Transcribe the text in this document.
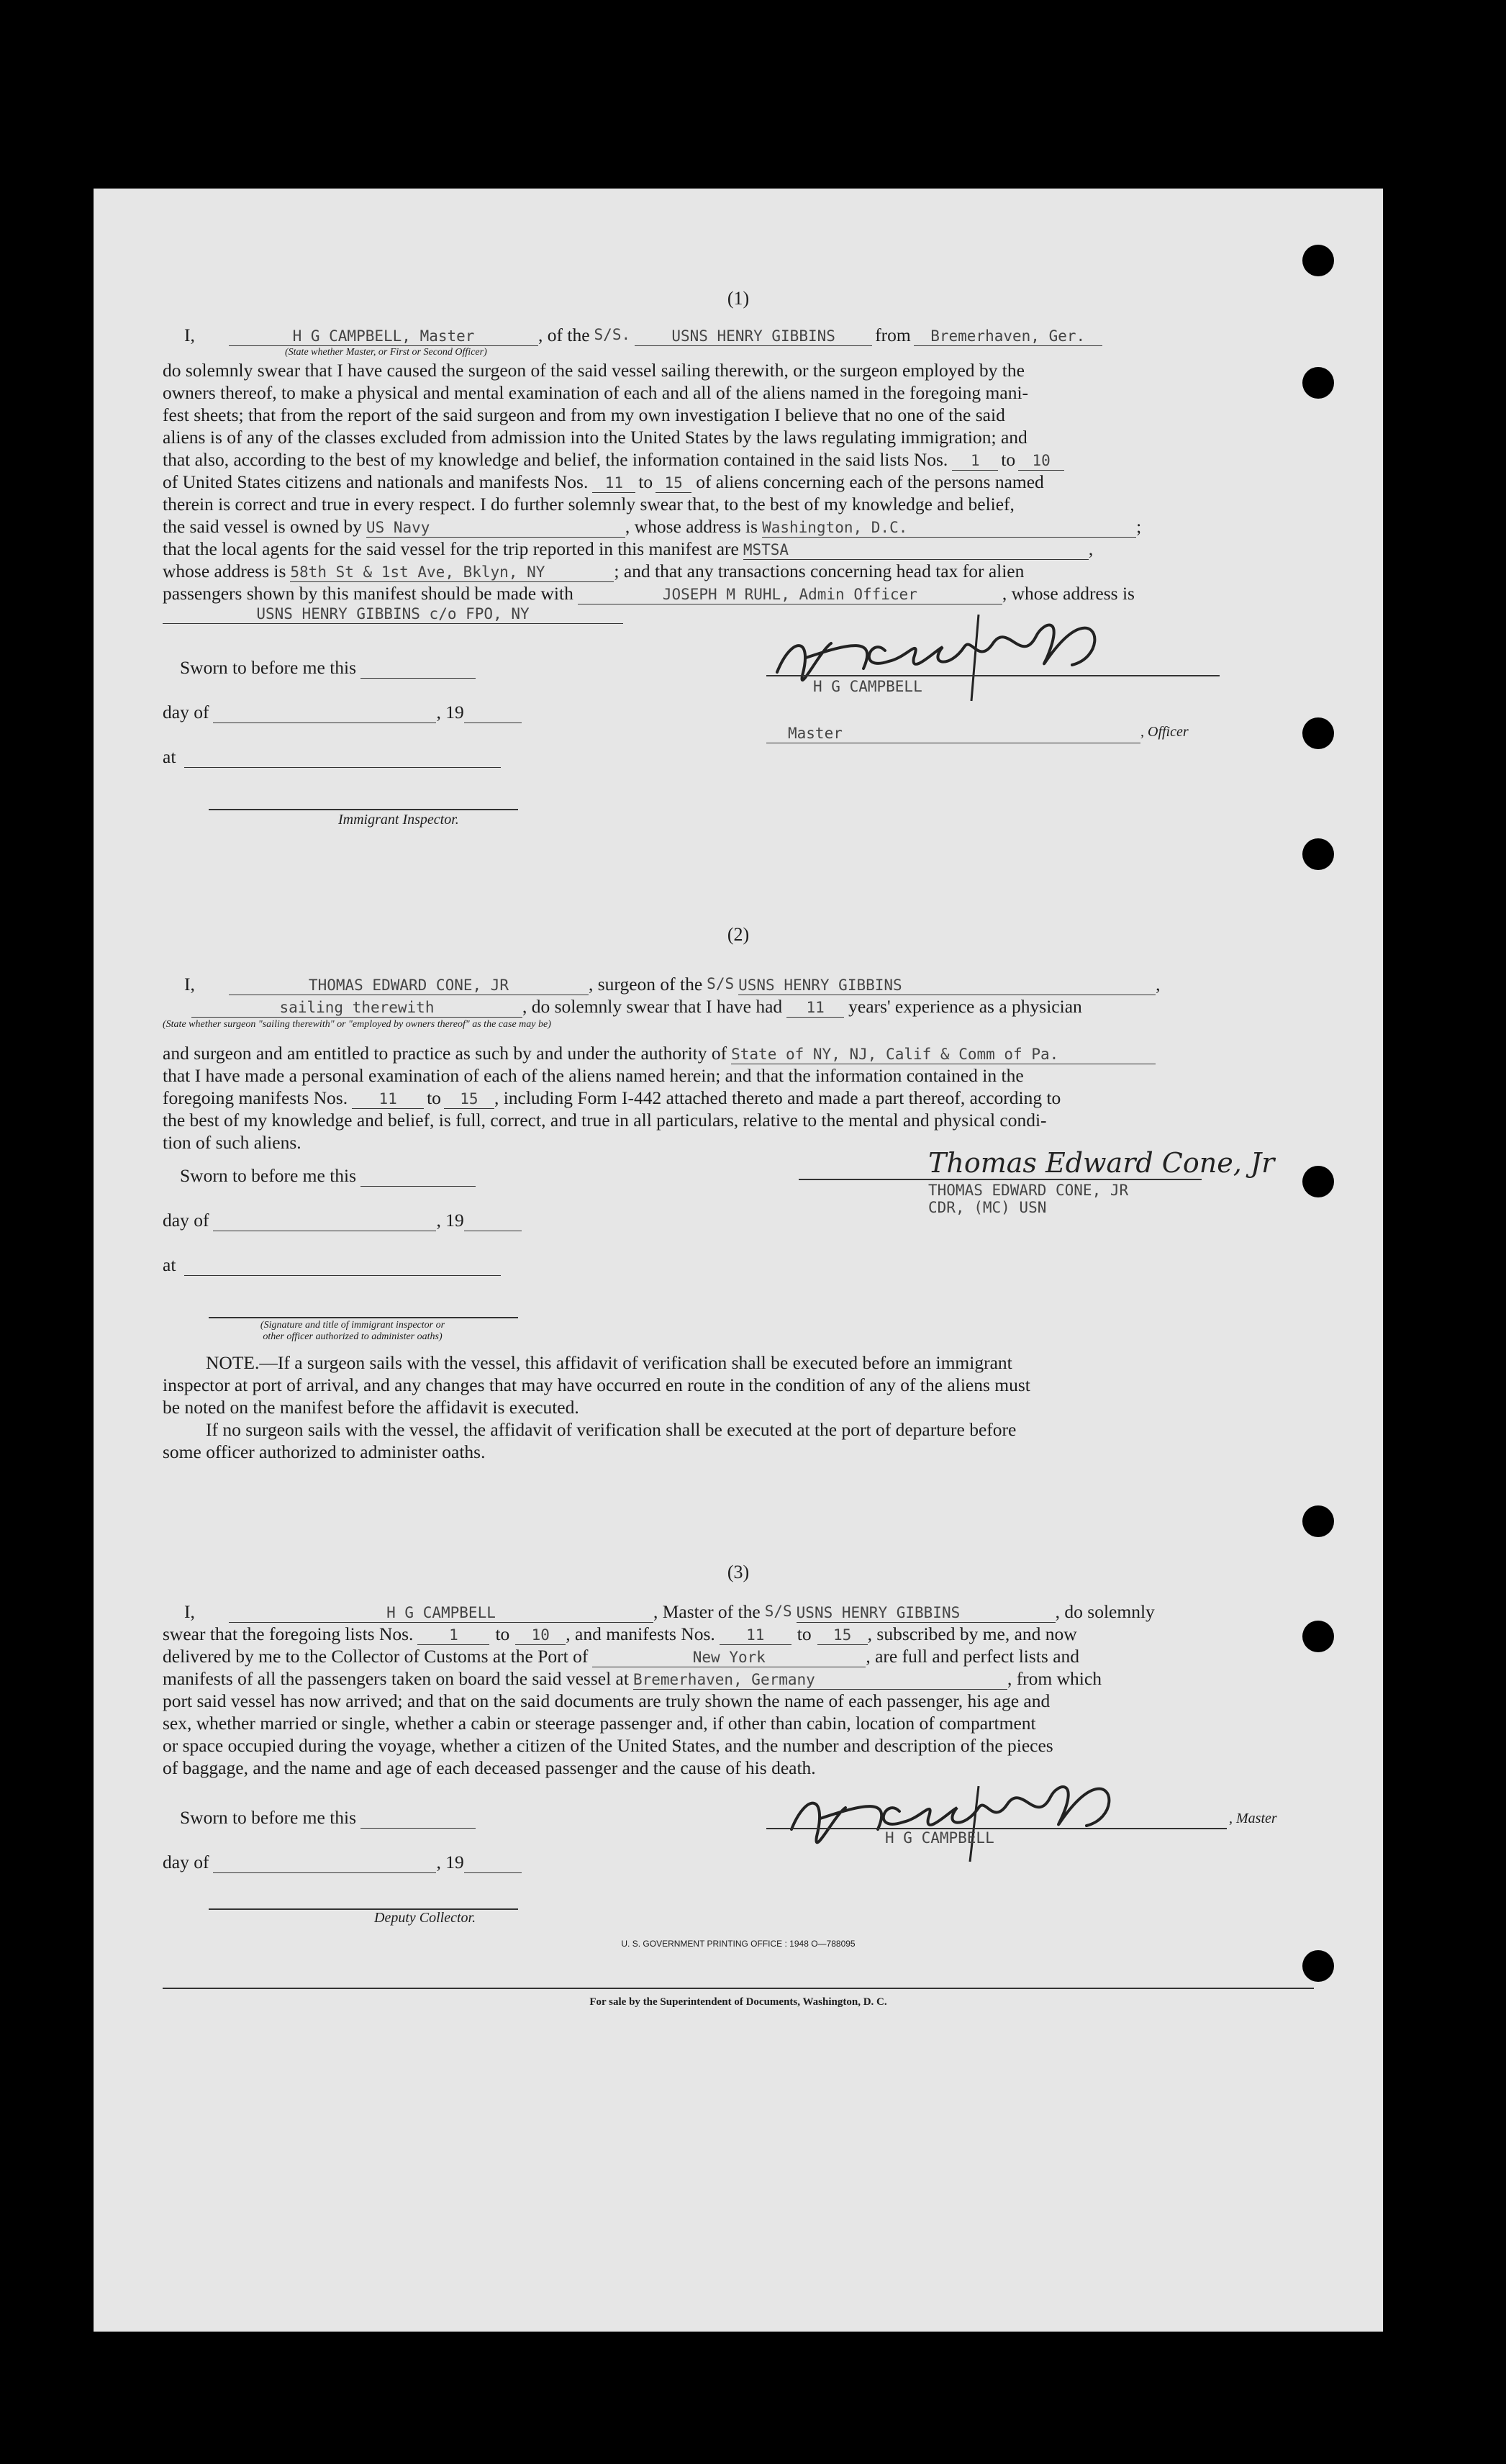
(1)
I,	H G CAMPBELL, Master	, of the S/S.	USNS HENRY GIBBINS	from	Bremerhaven, Ger.
(State whether Master, or First or Second Officer)
do solemnly swear that I have caused the surgeon of the said vessel sailing therewith, or the surgeon employed by the
owners thereof, to make a physical and mental examination of each and all of the aliens named in the foregoing mani-
fest sheets; that from the report of the said surgeon and from my own investigation I believe that no one of the said
aliens is of any of the classes excluded from admission into the United States by the laws regulating immigration; and
that also, according to the best of my knowledge and belief, the information contained in the said lists Nos.	1	to	10
of United States citizens and nationals and manifests Nos.	11 to 15 of aliens concerning each of the persons named
therein is correct and true in every respect. I do further solemnly swear that, to the best of my knowledge and belief,
the said vessel is owned by US Navy	, whose address is Washington, D.C.	;
that the local agents for the said vessel for the trip reported in this manifest are MSTSA	,
whose address is 58th St & 1st Ave, Bklyn, NY	; and that any transactions concerning head tax for alien
passengers shown by this manifest should be made with	JOSEPH M RUHL, Admin Officer	, whose address is
USNS HENRY GIBBINS c/o FPO, NY
Sworn to before me this
day of	, 19
at
Immigrant Inspector.
H G CAMPBELL
Master	, Officer
(2)
I,	THOMAS EDWARD CONE, JR	, surgeon of the S/S USNS HENRY GIBBINS	,
sailing therewith	, do solemnly swear that I have had	11	years' experience as a physician
(State whether surgeon "sailing therewith" or "employed by owners thereof" as the case may be)
and surgeon and am entitled to practice as such by and under the authority of State of NY, NJ, Calif & Comm of Pa.
that I have made a personal examination of each of the aliens named herein; and that the information contained in the
foregoing manifests Nos.	11	to	15 , including Form I-442 attached thereto and made a part thereof, according to
the best of my knowledge and belief, is full, correct, and true in all particulars, relative to the mental and physical condi-
tion of such aliens.
Sworn to before me this
day of	, 19
at
(Signature and title of immigrant inspector or
other officer authorized to administer oaths)
Thomas Edward Cone, Jr
THOMAS EDWARD CONE, JR
CDR, (MC) USN
NOTE.—If a surgeon sails with the vessel, this affidavit of verification shall be executed before an immigrant
inspector at port of arrival, and any changes that may have occurred en route in the condition of any of the aliens must
be noted on the manifest before the affidavit is executed.
If no surgeon sails with the vessel, the affidavit of verification shall be executed at the port of departure before
some officer authorized to administer oaths.
(3)
I,	H G CAMPBELL	, Master of the S/S USNS HENRY GIBBINS	, do solemnly
swear that the foregoing lists Nos.	1	to	10 , and manifests Nos.	11	to	15 , subscribed by me, and now
delivered by me to the Collector of Customs at the Port of	New York	, are full and perfect lists and
manifests of all the passengers taken on board the said vessel at Bremerhaven, Germany	, from which
port said vessel has now arrived; and that on the said documents are truly shown the name of each passenger, his age and
sex, whether married or single, whether a cabin or steerage passenger and, if other than cabin, location of compartment
or space occupied during the voyage, whether a citizen of the United States, and the number and description of the pieces
of baggage, and the name and age of each deceased passenger and the cause of his death.
Sworn to before me this
day of	, 19
Deputy Collector.
, Master
H G CAMPBELL
U. S. GOVERNMENT PRINTING OFFICE : 1948 O—788095
For sale by the Superintendent of Documents, Washington, D. C.
